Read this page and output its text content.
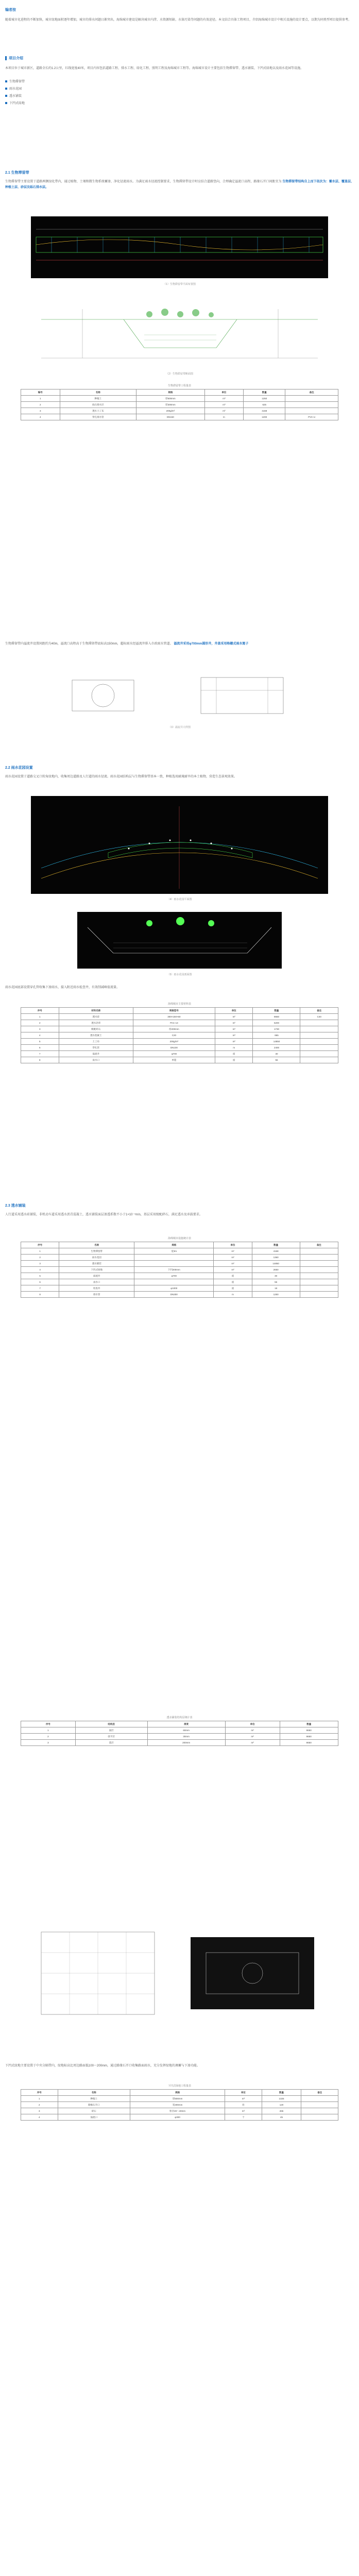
编者按

随着城市化进程的不断加快，城市绿地面积逐年增加，城市的排水问题日渐突出，海绵城市建设是解决城市内涝、水资源短缺、水体污染等问题的有效途径。本文结合具体工程项目，介绍海绵城市设计中相关设施的设计要点，以期为同类型项目提供参考。

项目介绍

本项目位于城市新区，道路全长约1.2公里，红线宽度40米，项目内容包括道路工程、排水工程、绿化工程、照明工程及海绵城市工程等。海绵城市设计主要包括生物滞留带、透水铺装、下凹式绿地以及雨水花园等设施。

生物滞留带
雨水花园
透水铺装
下凹式绿地
2.1 生物滞留带

生物滞留带主要设置于道路两侧绿化带内，通过植物、土壤和微生物系统蓄渗、净化径流雨水。为满足雨水径流控制要求，生物滞留带设计时应结合道路竖向，合理确定溢流口高程，路缘石开口间距宜为 生物滞留带结构自上而下依次为：蓄水层、覆盖层、种植土层、砂层及砾石排水层。

（1）生物滞留带平面布置图
（2）生物滞留带断面图
生物滞留带工程量表
编号	名称	规格	单位	数量	备注
1	种植土	厚600mm	m³	1250	
2	砾石排水层	厚300mm	m³	625	
3	透水土工布	200g/m²	m²	4168	
4	穿孔排水管	DN150	m	1200	PVC-U

生物滞留带内溢流井设置间距约为40m，溢流口高程高于生物滞留带底标高150mm，超标雨水经溢流井排入市政雨水管道。 溢流井采用φ700mm圆形井，井盖采用格栅式雨水篦子

（3）溢流井大样图
2.2 雨水花园设置

雨水花园设置于道路交叉口转角绿地内，收集周边道路及人行道的雨水径流。雨水花园结构层与生物滞留带基本一致，种植选用耐淹耐旱的本土植物，营造生态景观效果。

（4）雨水花园平面图
（5）雨水花园剖面图

雨水花园底部设置穿孔管收集下渗雨水，接入附近雨水检查井，有效削减峰值流量。

海绵城市主要材料表
序号	材料名称	规格型号	单位	数量	备注
1	透水砖	300×150×60	m²	8650	C40
2	透水沥青	PAC-13	m²	6200	
3	级配碎石	厚200mm	m³	1730	
4	透水混凝土	C20	m³	865	
5	土工布	200g/m²	m²	14850	
6	穿孔管	DN100	m	2400	
7	溢流井	φ700	座	30	
8	雨水口	单篦	座	56	
2.3 透水铺装

人行道采用透水砖铺装，非机动车道采用透水沥青混凝土，透水铺装面层渗透系数不小于1×10⁻⁴m/s，基层采用级配碎石，满足透水及承载要求。

海绵城市设施统计表
序号	名称	规格	单位	数量	备注
1	生物滞留带	宽3m	m²	4168	
2	雨水花园		m²	1360	
3	透水铺装		m²	14850	
4	下凹式绿地	下凹200mm	m²	2650	
5	溢流井	φ700	座	30	
6	雨水口		座	56	
7	检查井	φ1000	座	18	
8	排水管	DN300	m	1250	
透水铺装结构层统计表
序号	结构层	厚度	单位	数量
1	面层	60mm	m²	8650
2	找平层	30mm	m²	8650
3	基层	200mm	m²	8650

下凹式绿地主要设置于中央分隔带内，绿地标高比周边路面低100～200mm，通过路缘石开口收集路面雨水，充分发挥绿地的调蓄与下渗功能。

下凹式绿地工程量表
序号	名称	规格	单位	数量	备注
1	种植土	厚500mm	m³	1325	
2	路缘石开口	宽300mm	处	120	
3	碎石	粒径20～40mm	m³	265	
4	溢流口	φ300	个	45	
